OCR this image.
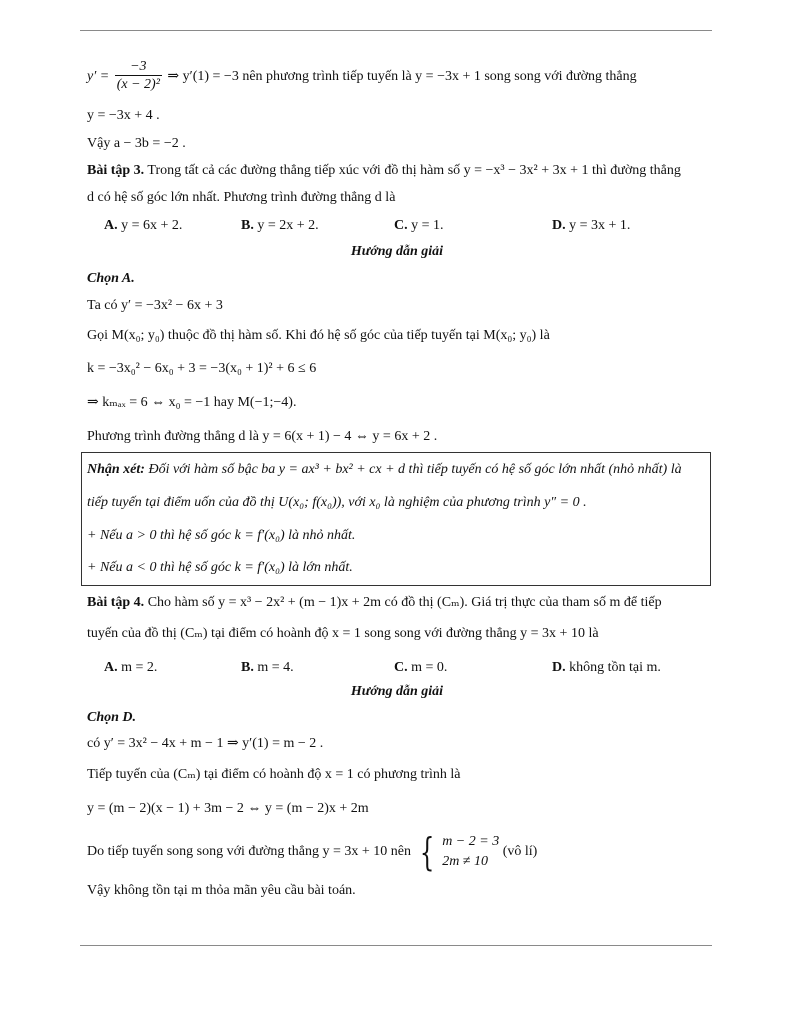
$y' = \frac{-3}{\text{(x − 2)²}}$ ⇒ y′(1) = −3 nên phương trình tiếp tuyến là y = −3x + 1 song song với đường thẳng
y = −3x + 4 .
Vậy a − 3b = −2 .
Bài tập 3. Trong tất cả các đường thẳng tiếp xúc với đồ thị hàm số y = −x³ − 3x² + 3x + 1 thì đường thẳng
d có hệ số góc lớn nhất. Phương trình đường thẳng d là
A. y = 6x + 2.	B. y = 2x + 2.	C. y = 1.	D. y = 3x + 1.
Hướng dẫn giải
Chọn A.
Ta có y′ = −3x² − 6x + 3
Gọi M(x₀; y₀) thuộc đồ thị hàm số. Khi đó hệ số góc của tiếp tuyến tại M(x₀; y₀) là
k = −3x₀² − 6x₀ + 3 = −3(x₀ + 1)² + 6 ≤ 6
⇒ kₘₐₓ = 6 ⇔ x₀ = −1 hay M(−1;−4).
Phương trình đường thẳng d là y = 6(x + 1) − 4 ⇔ y = 6x + 2 .
Nhận xét: Đối với hàm số bậc ba y = ax³ + bx² + cx + d thì tiếp tuyến có hệ số góc lớn nhất (nhỏ nhất) là
tiếp tuyến tại điểm uốn của đồ thị U(x₀; f(x₀)), với x₀ là nghiệm của phương trình y″ = 0 .
+ Nếu a > 0 thì hệ số góc k = f′(x₀) là nhỏ nhất.
+ Nếu a < 0 thì hệ số góc k = f′(x₀) là lớn nhất.
Bài tập 4. Cho hàm số y = x³ − 2x² + (m − 1)x + 2m có đồ thị (Cₘ). Giá trị thực của tham số m để tiếp
tuyến của đồ thị (Cₘ) tại điểm có hoành độ x = 1 song song với đường thẳng y = 3x + 10 là
A. m = 2.	B. m = 4.	C. m = 0.	D. không tồn tại m.
Hướng dẫn giải
Chọn D.
có y′ = 3x² − 4x + m − 1 ⇒ y′(1) = m − 2 .
Tiếp tuyến của (Cₘ) tại điểm có hoành độ x = 1 có phương trình là
y = (m − 2)(x − 1) + 3m − 2 ⇔ y = (m − 2)x + 2m
Do tiếp tuyến song song với đường thẳng y = 3x + 10 nên { m − 2 = 3
2m ≠ 10
(vô lí)
Vậy không tồn tại m thỏa mãn yêu cầu bài toán.
